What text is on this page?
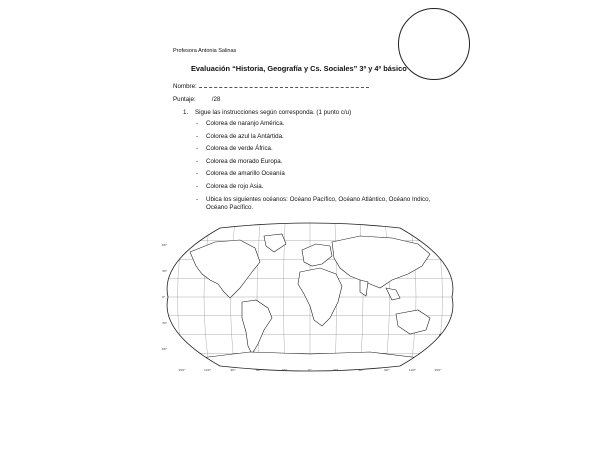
Profesora Antonia Salinas
Evaluación “Historia, Geografía y Cs. Sociales” 3º y 4º básico
Nombre:
Puntaje:	/28
1. Sigue las instrucciones según corresponda. (1 punto c/u)
- Colorea de naranjo América.
- Colorea de azul la Antártida.
- Colorea de verde África.
- Colorea de morado Europa.
- Colorea de amarillo Oceanía
- Colorea de rojo Asia.
- Ubica los siguientes océanos: Océano Pacífico, Océano Atlántico, Océano Indico, Océano Pacífico.
150°	120°	90°	60°	30°	0°	30°	60°	90°	120°	150°
60°
30°
0°
30°
60°
